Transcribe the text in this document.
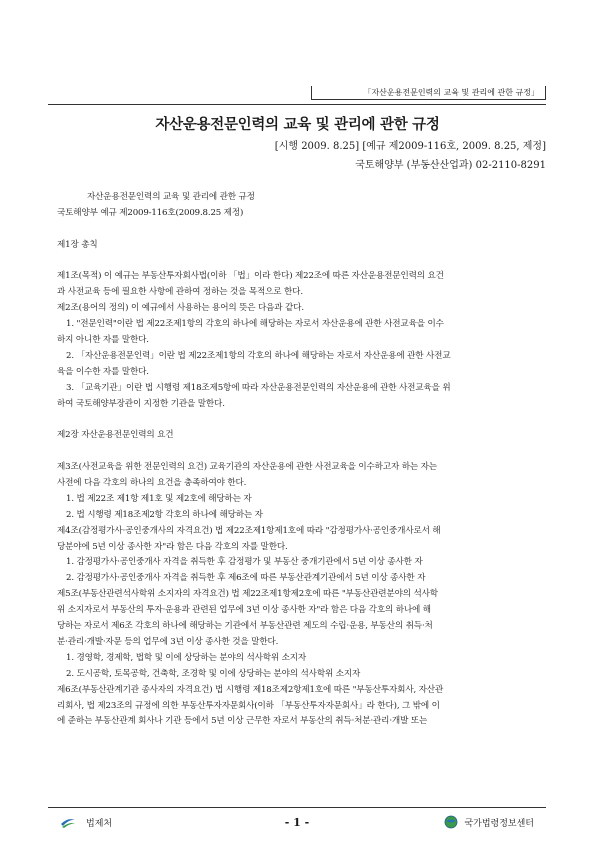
「자산운용전문인력의 교육 및 관리에 관한 규정」
자산운용전문인력의 교육 및 관리에 관한 규정
[시행 2009. 8.25] [예규 제2009-116호, 2009. 8.25, 제정]
국토해양부 (부동산산업과) 02-2110-8291
자산운용전문인력의 교육 및 관리에 관한 규정
국토해양부 예규 제2009-116호(2009.8.25 제정)
제1장 총칙
제1조(목적) 이 예규는 부동산투자회사법(이하 「법」이라 한다) 제22조에 따른 자산운용전문인력의 요건
과 사전교육 등에 필요한 사항에 관하여 정하는 것을 목적으로 한다.
제2조(용어의 정의) 이 예규에서 사용하는 용어의 뜻은 다음과 같다.
1. "전문인력"이란 법 제22조제1항의 각호의 하나에 해당하는 자로서 자산운용에 관한 사전교육을 이수
하지 아니한 자를 말한다.
2. 「자산운용전문인력」이란 법 제22조제1항의 각호의 하나에 해당하는 자로서 자산운용에 관한 사전교
육을 이수한 자를 말한다.
3. 「교육기관」이란 법 시행령 제18조제5항에 따라 자산운용전문인력의 자산운용에 관한 사전교육을 위
하여 국토해양부장관이 지정한 기관을 말한다.
제2장 자산운용전문인력의 요건
제3조(사전교육을 위한 전문인력의 요건) 교육기관의 자산운용에 관한 사전교육을 이수하고자 하는 자는
사전에 다음 각호의 하나의 요건을 충족하여야 한다.
1. 법 제22조 제1항 제1호 및 제2호에 해당하는 자
2. 법 시행령 제18조제2항 각호의 하나에 해당하는 자
제4조(감정평가사·공인중개사의 자격요건) 법 제22조제1항제1호에 따라 "감정평가사·공인중개사로서 해
당분야에 5년 이상 종사한 자"라 함은 다음 각호의 자를 말한다.
1. 감정평가사·공인중개사 자격을 취득한 후 감정평가 및 부동산 중개기관에서 5년 이상 종사한 자
2. 감정평가사·공인중개사 자격을 취득한 후 제6조에 따른 부동산관계기관에서 5년 이상 종사한 자
제5조(부동산관련석사학위 소지자의 자격요건) 법 제22조제1항제2호에 따른 "부동산관련분야의 석사학
위 소지자로서 부동산의 투자·운용과 관련된 업무에 3년 이상 종사한 자"라 함은 다음 각호의 하나에 해
당하는 자로서 제6조 각호의 하나에 해당하는 기관에서 부동산관련 제도의 수립·운용, 부동산의 취득·처
분·관리·개발·자문 등의 업무에 3년 이상 종사한 것을 말한다.
1. 경영학, 경제학, 법학 및 이에 상당하는 분야의 석사학위 소지자
2. 도시공학, 토목공학, 건축학, 조경학 및 이에 상당하는 분야의 석사학위 소지자
제6조(부동산관계기관 종사자의 자격요건) 법 시행령 제18조제2항제1호에 따른 "부동산투자회사, 자산관
리회사, 법 제23조의 규정에 의한 부동산투자자문회사(이하 「부동산투자자문회사」라 한다), 그 밖에 이
에 준하는 부동산관계 회사나 기관 등에서 5년 이상 근무한 자로서 부동산의 취득·처분·관리·개발 또는
법제처	- 1 -	국가법령정보센터
